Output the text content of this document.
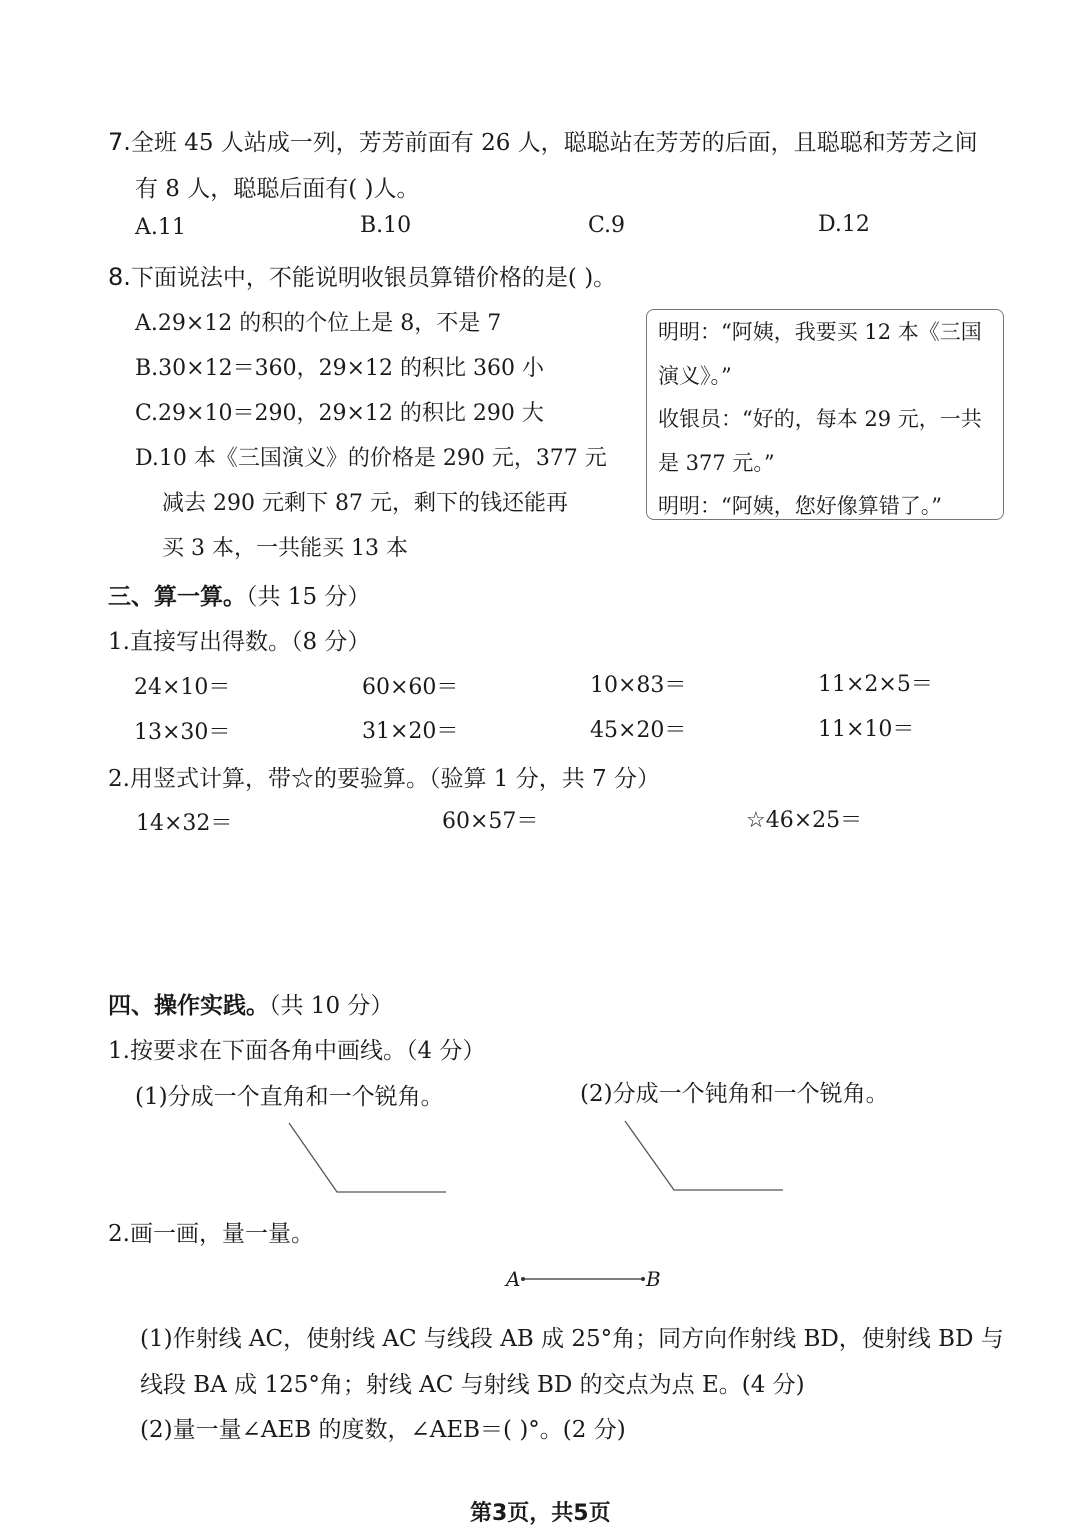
7.全班 45 人站成一列，芳芳前面有 26 人，聪聪站在芳芳的后面，且聪聪和芳芳之间
有 8 人，聪聪后面有( )人。
A.11	B.10	C.9	D.12
8.下面说法中，不能说明收银员算错价格的是( )。
A.29×12 的积的个位上是 8，不是 7
B.30×12＝360，29×12 的积比 360 小
C.29×10＝290，29×12 的积比 290 大
D.10 本《三国演义》的价格是 290 元，377 元
减去 290 元剩下 87 元，剩下的钱还能再
买 3 本，一共能买 13 本
明明：“阿姨，我要买 12 本《三国
演义》。”
收银员：“好的，每本 29 元，一共
是 377 元。”
明明：“阿姨，您好像算错了。”
三、算一算。（共 15 分）
1.直接写出得数。（8 分）
24×10＝	60×60＝	10×83＝	11×2×5＝
13×30＝	31×20＝	45×20＝	11×10＝
2.用竖式计算，带☆的要验算。（验算 1 分，共 7 分）
14×32＝	60×57＝	☆46×25＝
四、操作实践。（共 10 分）
1.按要求在下面各角中画线。（4 分）
(1)分成一个直角和一个锐角。	(2)分成一个钝角和一个锐角。
2.画一画，量一量。
A	B
(1)作射线 AC，使射线 AC 与线段 AB 成 25°角；同方向作射线 BD，使射线 BD 与
线段 BA 成 125°角；射线 AC 与射线 BD 的交点为点 E。(4 分)
(2)量一量∠AEB 的度数，∠AEB＝( )°。(2 分)
第3页，共5页
